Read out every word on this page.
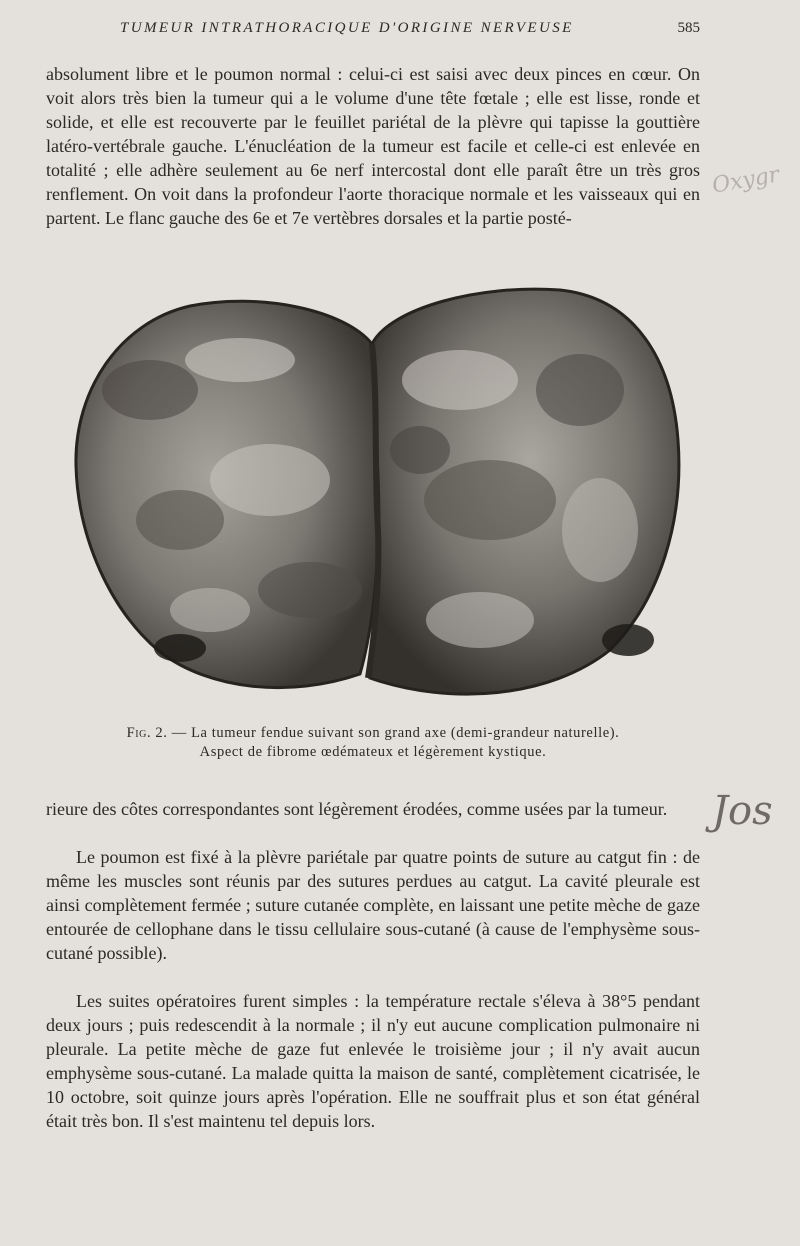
TUMEUR INTRATHORACIQUE D'ORIGINE NERVEUSE	585

absolument libre et le poumon normal : celui-ci est saisi avec deux pinces en cœur. On voit alors très bien la tumeur qui a le volume d'une tête fœtale ; elle est lisse, ronde et solide, et elle est recouverte par le feuillet pariétal de la plèvre qui tapisse la gouttière latéro-vertébrale gauche. L'énucléation de la tumeur est facile et celle-ci est enlevée en totalité ; elle adhère seulement au 6e nerf intercostal dont elle paraît être un très gros renflement. On voit dans la profondeur l'aorte thoracique normale et les vaisseaux qui en partent. Le flanc gauche des 6e et 7e vertèbres dorsales et la partie posté-

Fig. 2. — La tumeur fendue suivant son grand axe (demi-grandeur naturelle).
Aspect de fibrome œdémateux et légèrement kystique.

rieure des côtes correspondantes sont légèrement érodées, comme usées par la tumeur.

Le poumon est fixé à la plèvre pariétale par quatre points de suture au catgut fin : de même les muscles sont réunis par des sutures perdues au catgut. La cavité pleurale est ainsi complètement fermée ; suture cutanée complète, en laissant une petite mèche de gaze entourée de cellophane dans le tissu cellulaire sous-cutané (à cause de l'emphysème sous-cutané possible).

Les suites opératoires furent simples : la température rectale s'éleva à 38°5 pendant deux jours ; puis redescendit à la normale ; il n'y eut aucune complication pulmonaire ni pleurale. La petite mèche de gaze fut enlevée le troisième jour ; il n'y avait aucun emphysème sous-cutané. La malade quitta la maison de santé, complètement cicatrisée, le 10 octobre, soit quinze jours après l'opération. Elle ne souffrait plus et son état général était très bon. Il s'est maintenu tel depuis lors.

Oxygr
Jos
